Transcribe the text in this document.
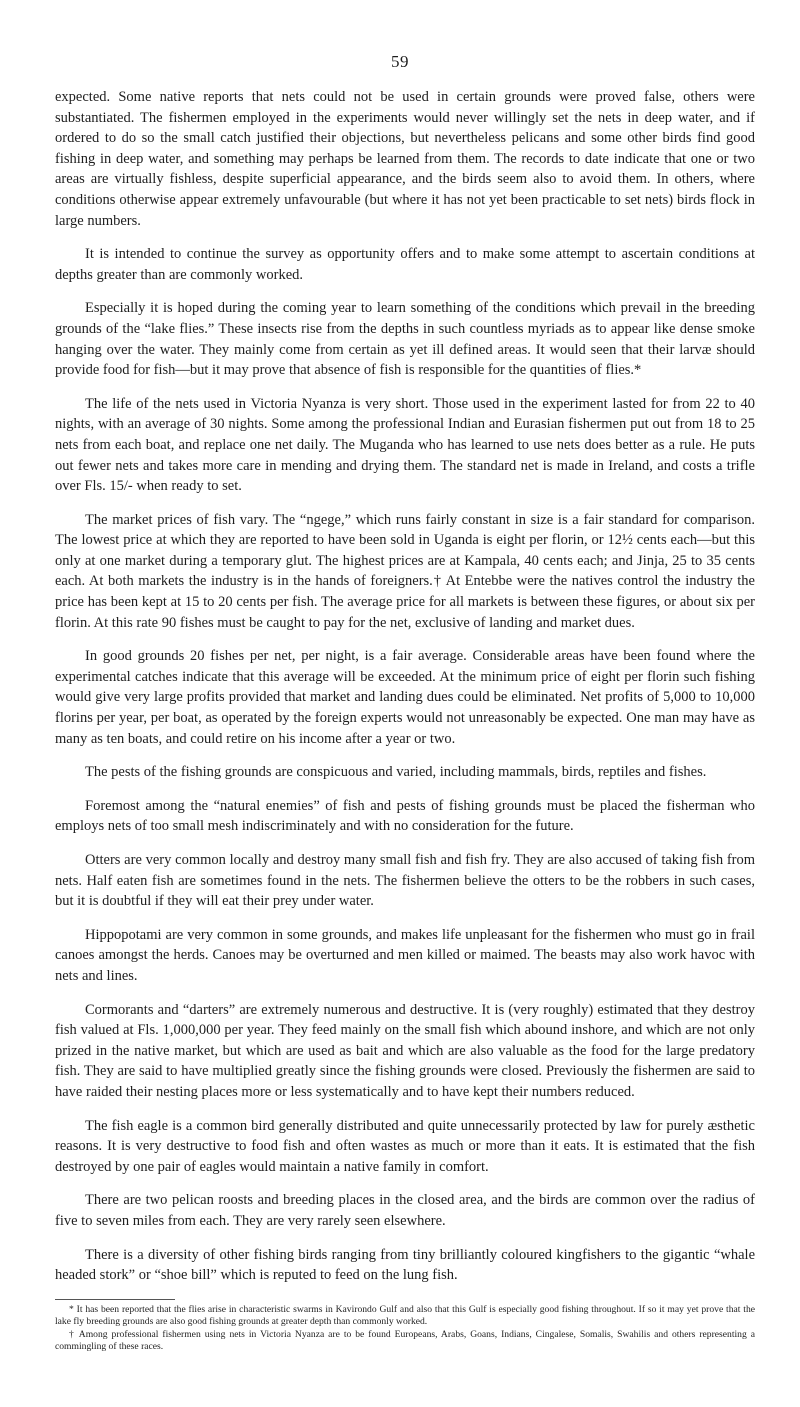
59

expected. Some native reports that nets could not be used in certain grounds were proved false, others were substantiated. The fishermen employed in the experiments would never willingly set the nets in deep water, and if ordered to do so the small catch justified their objections, but nevertheless pelicans and some other birds find good fishing in deep water, and something may perhaps be learned from them. The records to date indicate that one or two areas are virtually fishless, despite superficial appearance, and the birds seem also to avoid them. In others, where conditions otherwise appear extremely unfavourable (but where it has not yet been practicable to set nets) birds flock in large numbers.

It is intended to continue the survey as opportunity offers and to make some attempt to ascertain conditions at depths greater than are commonly worked.

Especially it is hoped during the coming year to learn something of the conditions which prevail in the breeding grounds of the “lake flies.” These insects rise from the depths in such countless myriads as to appear like dense smoke hanging over the water. They mainly come from certain as yet ill defined areas. It would seen that their larvæ should provide food for fish—but it may prove that absence of fish is responsible for the quantities of flies.*

The life of the nets used in Victoria Nyanza is very short. Those used in the experiment lasted for from 22 to 40 nights, with an average of 30 nights. Some among the professional Indian and Eurasian fishermen put out from 18 to 25 nets from each boat, and replace one net daily. The Muganda who has learned to use nets does better as a rule. He puts out fewer nets and takes more care in mending and drying them. The standard net is made in Ireland, and costs a trifle over Fls. 15/- when ready to set.

The market prices of fish vary. The “ngege,” which runs fairly constant in size is a fair standard for comparison. The lowest price at which they are reported to have been sold in Uganda is eight per florin, or 12½ cents each—but this only at one market during a temporary glut. The highest prices are at Kampala, 40 cents each; and Jinja, 25 to 35 cents each. At both markets the industry is in the hands of foreigners.† At Entebbe were the natives control the industry the price has been kept at 15 to 20 cents per fish. The average price for all markets is between these figures, or about six per florin. At this rate 90 fishes must be caught to pay for the net, exclusive of landing and market dues.

In good grounds 20 fishes per net, per night, is a fair average. Considerable areas have been found where the experimental catches indicate that this average will be exceeded. At the minimum price of eight per florin such fishing would give very large profits provided that market and landing dues could be eliminated. Net profits of 5,000 to 10,000 florins per year, per boat, as operated by the foreign experts would not unreasonably be expected. One man may have as many as ten boats, and could retire on his income after a year or two.

The pests of the fishing grounds are conspicuous and varied, including mammals, birds, reptiles and fishes.

Foremost among the “natural enemies” of fish and pests of fishing grounds must be placed the fisherman who employs nets of too small mesh indiscriminately and with no consideration for the future.

Otters are very common locally and destroy many small fish and fish fry. They are also accused of taking fish from nets. Half eaten fish are sometimes found in the nets. The fishermen believe the otters to be the robbers in such cases, but it is doubtful if they will eat their prey under water.

Hippopotami are very common in some grounds, and makes life unpleasant for the fishermen who must go in frail canoes amongst the herds. Canoes may be overturned and men killed or maimed. The beasts may also work havoc with nets and lines.

Cormorants and “darters” are extremely numerous and destructive. It is (very roughly) estimated that they destroy fish valued at Fls. 1,000,000 per year. They feed mainly on the small fish which abound inshore, and which are not only prized in the native market, but which are used as bait and which are also valuable as the food for the large predatory fish. They are said to have multiplied greatly since the fishing grounds were closed. Previously the fishermen are said to have raided their nesting places more or less systematically and to have kept their numbers reduced.

The fish eagle is a common bird generally distributed and quite unnecessarily protected by law for purely æsthetic reasons. It is very destructive to food fish and often wastes as much or more than it eats. It is estimated that the fish destroyed by one pair of eagles would maintain a native family in comfort.

There are two pelican roosts and breeding places in the closed area, and the birds are common over the radius of five to seven miles from each. They are very rarely seen elsewhere.

There is a diversity of other fishing birds ranging from tiny brilliantly coloured kingfishers to the gigantic “whale headed stork” or “shoe bill” which is reputed to feed on the lung fish.

* It has been reported that the flies arise in characteristic swarms in Kavirondo Gulf and also that this Gulf is especially good fishing throughout. If so it may yet prove that the lake fly breeding grounds are also good fishing grounds at greater depth than commonly worked.

† Among professional fishermen using nets in Victoria Nyanza are to be found Europeans, Arabs, Goans, Indians, Cingalese, Somalis, Swahilis and others representing a commingling of these races.
